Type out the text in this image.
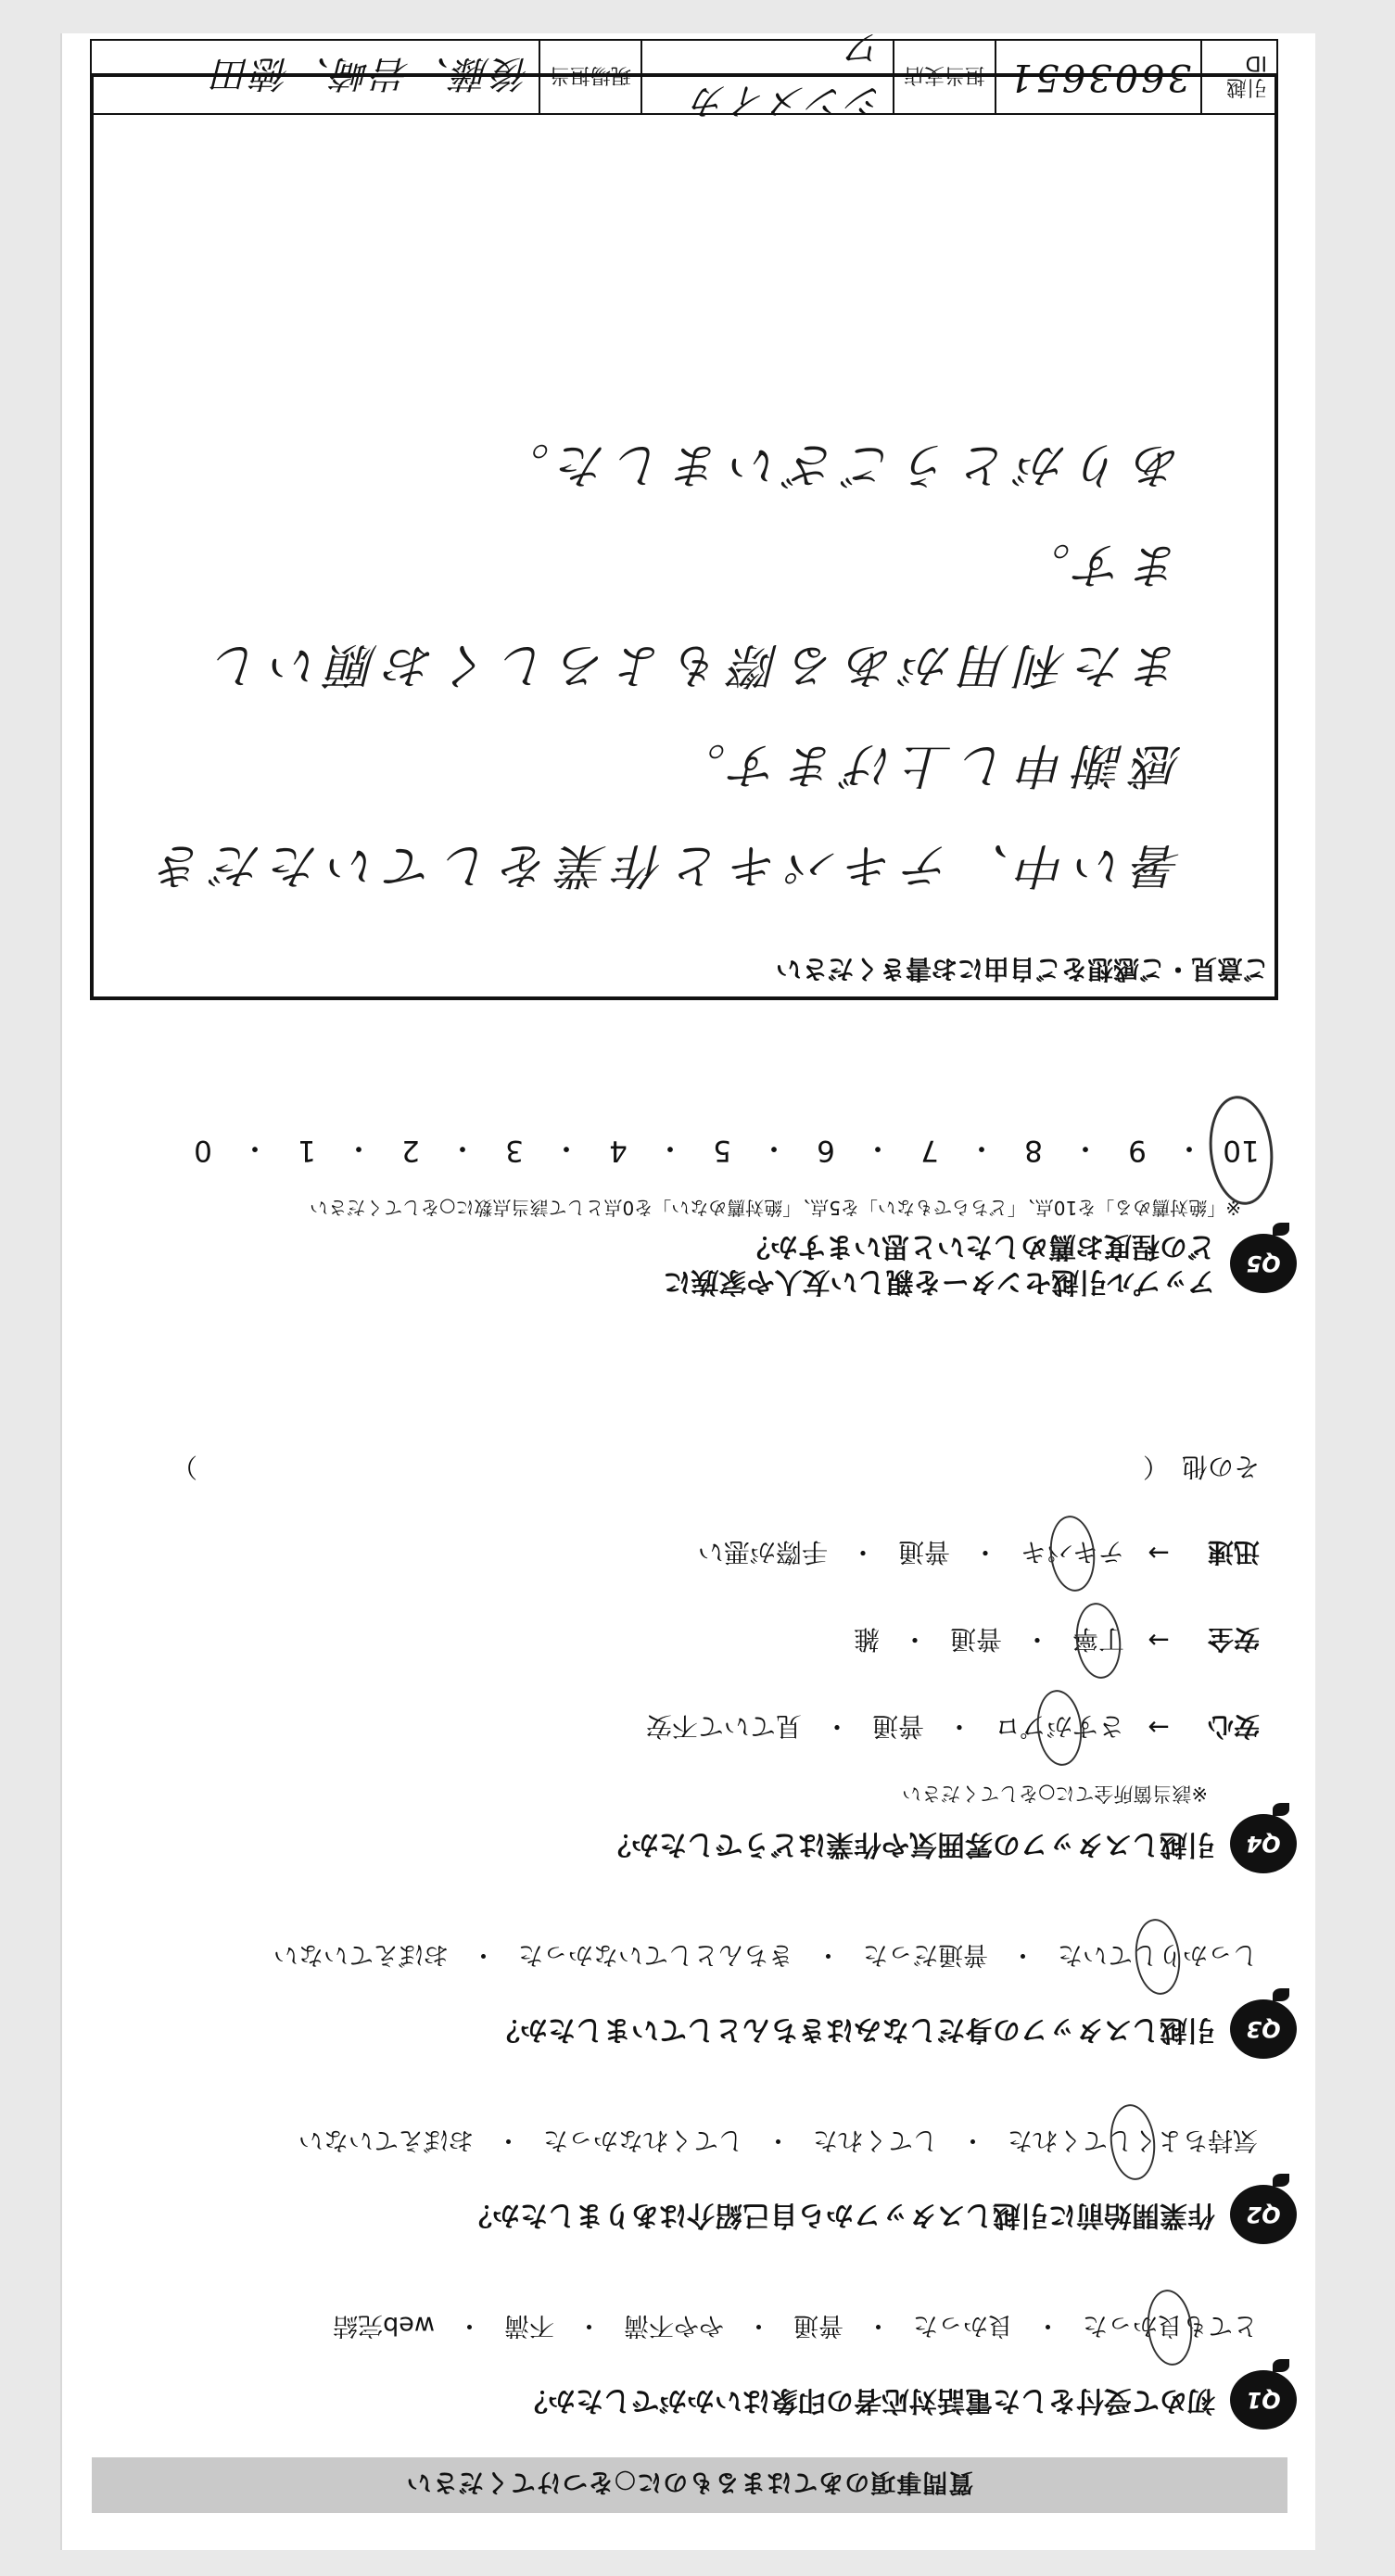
質問事項のあてはまるものに○をつけてください
Q1
初めて受付をした電話対応者の印象はいかがでしたか？
とても良かった
・
良かった
・
普通
・
やや不満
・
不満
・
web完結
Q2
作業開始前に引越しスタッフから自己紹介はありましたか？
気持ちよくしてくれた
・
してくれた
・
してくれなかった
・
おぼえていない
Q3
引越しスタッフの身だしなみはきちんとしていましたか？
しっかりしていた
・
普通だった
・
きちんとしていなかった
・
おぼえていない
Q4
引越しスタッフの雰囲気や作業はどうでしたか？
※該当箇所全てに○をしてください
安心
→
さすがプロ
・
普通
・
見ていて不安
安全
→
丁寧
・
普通
・
雑
迅速
→
テキパキ
・
普通
・
手際が悪い
その他
（
）
Q5
アップル引越センターを親しい友人や家族に
どの程度お薦めしたいと思いますか？
※「絶対薦める」を10点、「どちらでもない」を5点、「絶対薦めない」を0点として該当点数に○をしてください
10
・
9
・
8
・
7
・
6
・
5
・
4
・
3
・
2
・
1
・
0
ご意見・ご感想をご自由にお書きください
暑い中、テキパキと作業をしていただき
感謝申し上げます。
また利用がある際もよろしくお願いし
ます。
ありがとうございました。
引越ID
3603651
担当支店
シンメイカワ
現場担当
後藤、岩崎、徳田
